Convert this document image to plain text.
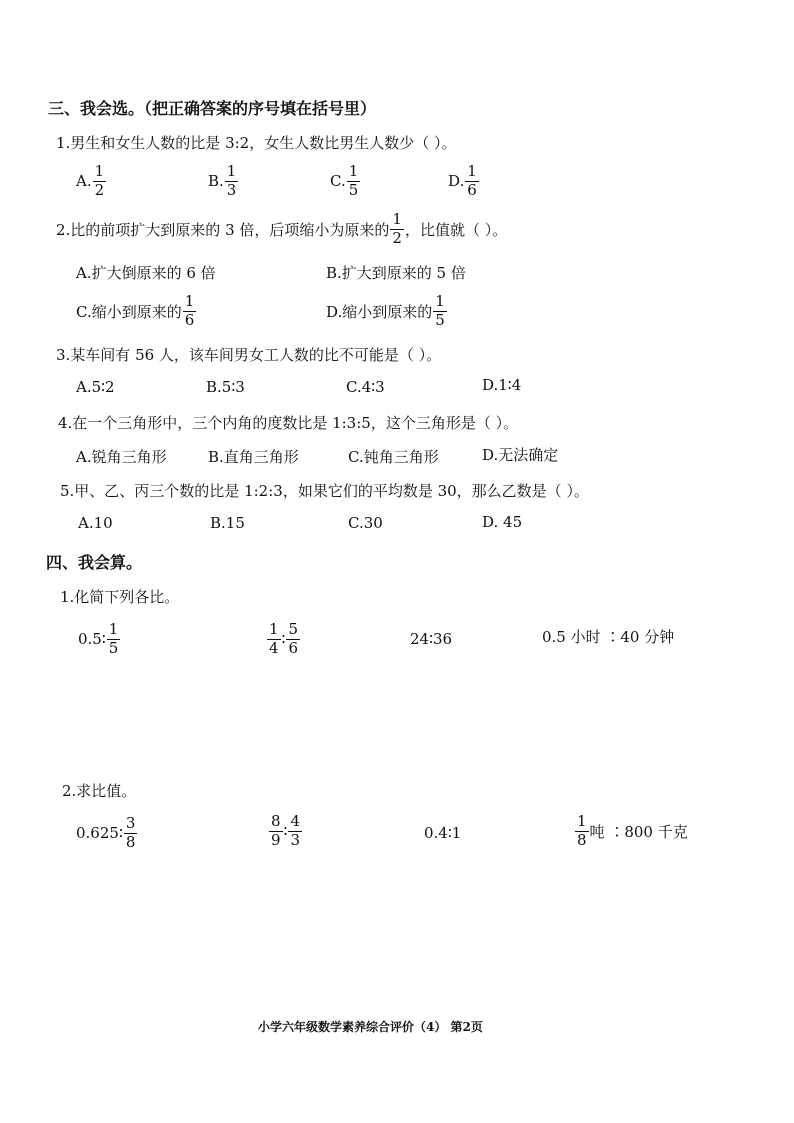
三、我会选。（把正确答案的序号填在括号里）
1.男生和女生人数的比是 3:2，女生人数比男生人数少（ ）。
A. $\frac{1}{2}$	B. $\frac{1}{3}$	C. $\frac{1}{5}$	D. $\frac{1}{6}$
2.比的前项扩大到原来的 3 倍，后项缩小为原来的 $\frac{1}{2}$ ，比值就（ ）。
A.扩大倒原来的 6 倍	B.扩大到原来的 5 倍
C.缩小到原来的 $\frac{1}{6}$	D.缩小到原来的 $\frac{1}{5}$
3.某车间有 56 人，该车间男女工人数的比不可能是（ ）。
A.5∶2	B.5∶3	C.4∶3	D.1∶4
4.在一个三角形中，三个内角的度数比是 1:3:5，这个三角形是（ ）。
A.锐角三角形	B.直角三角形	C.钝角三角形	D.无法确定
5.甲、乙、丙三个数的比是 1:2:3，如果它们的平均数是 30，那么乙数是（ ）。
A.10	B.15	C.30	D. 45
四、我会算。
1.化简下列各比。
0.5∶ $\frac{1}{5}$	$\frac{1}{4}$ ∶ $\frac{5}{6}$	24∶36	0.5 小时 ∶40 分钟
2.求比值。
0.625∶ $\frac{3}{8}$	$\frac{8}{9}$ ∶ $\frac{4}{3}$	0.4∶1	$\frac{1}{8}$ 吨 ∶800 千克
小学六年级数学素养综合评价（4） 第2页
